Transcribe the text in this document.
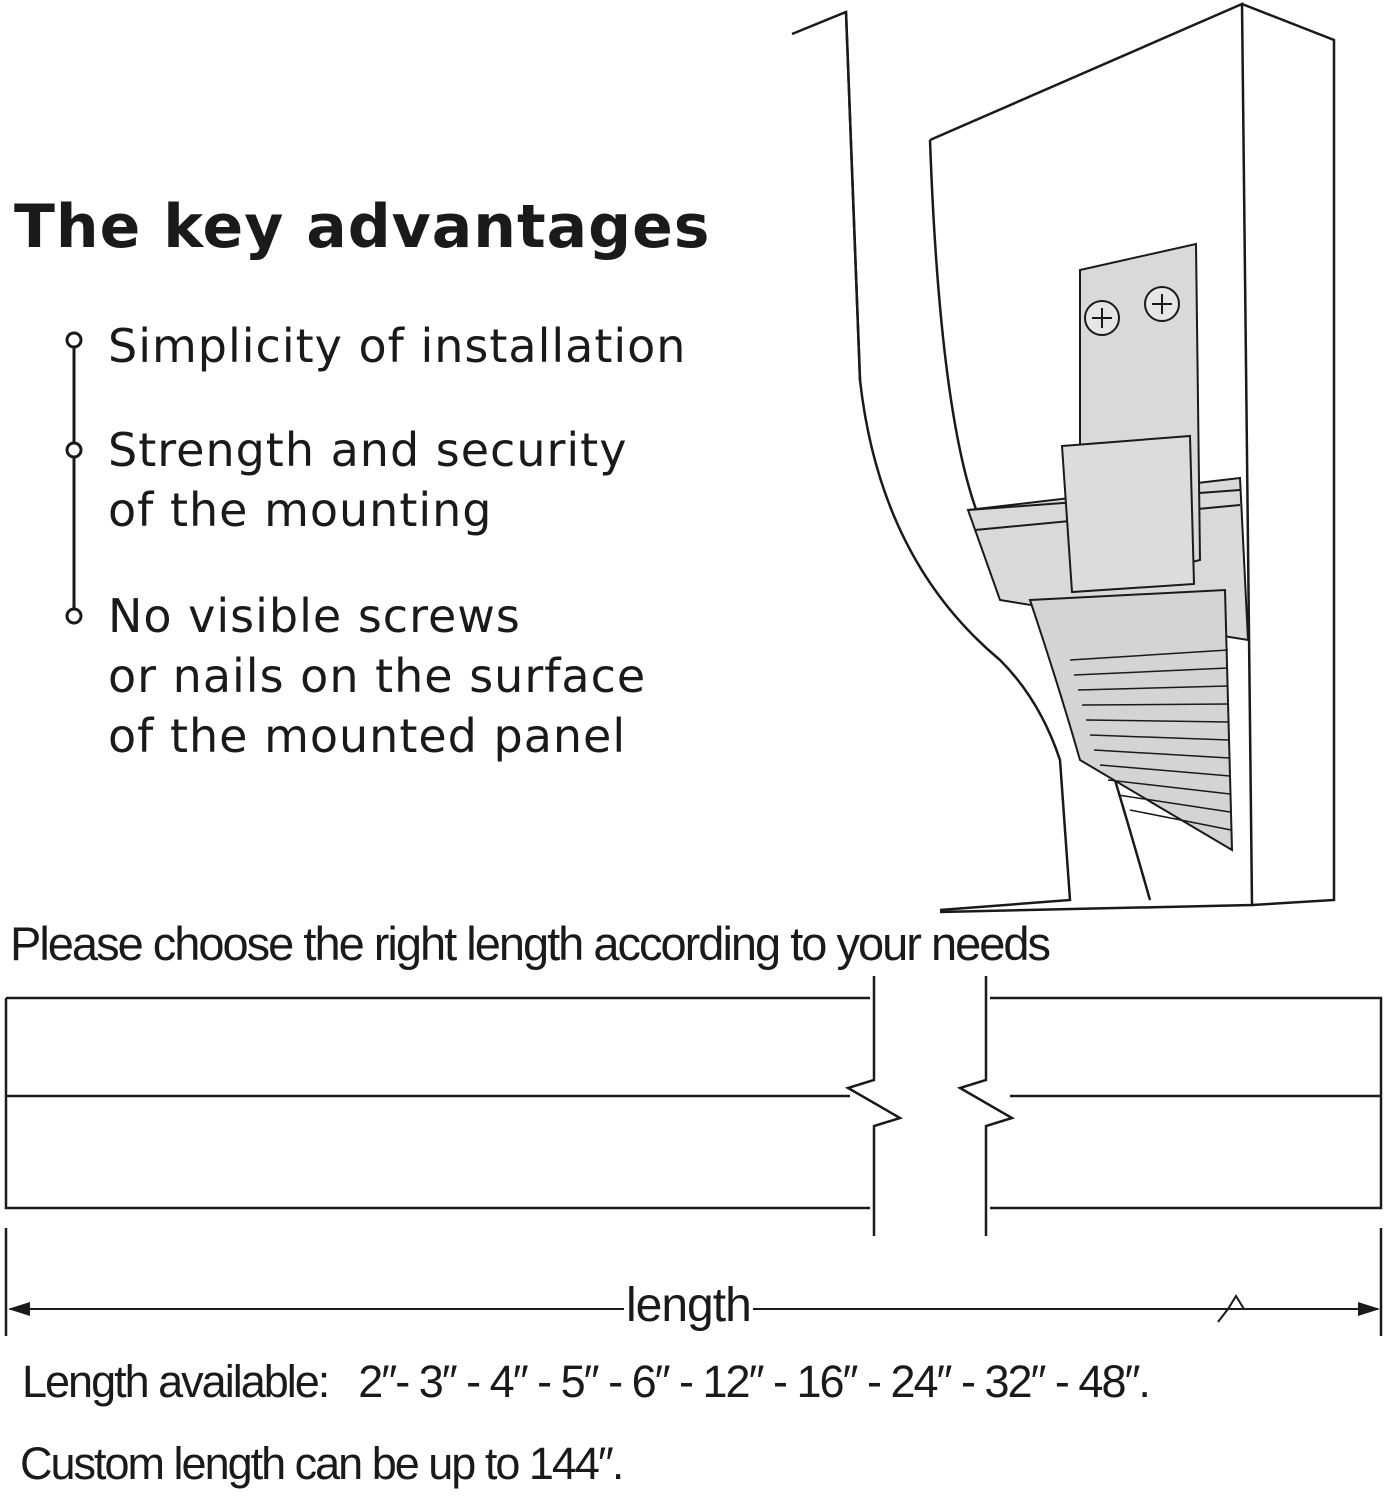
The key advantages
Simplicity of installation
Strength and security
of the mounting
No visible screws
or nails on the surface
of the mounted panel
Please choose the right length according to your needs
length
Length available: 2″- 3″ - 4″ - 5″ - 6″ - 12″ - 16″ - 24″ - 32″ - 48″.
Custom length can be up to 144″.
